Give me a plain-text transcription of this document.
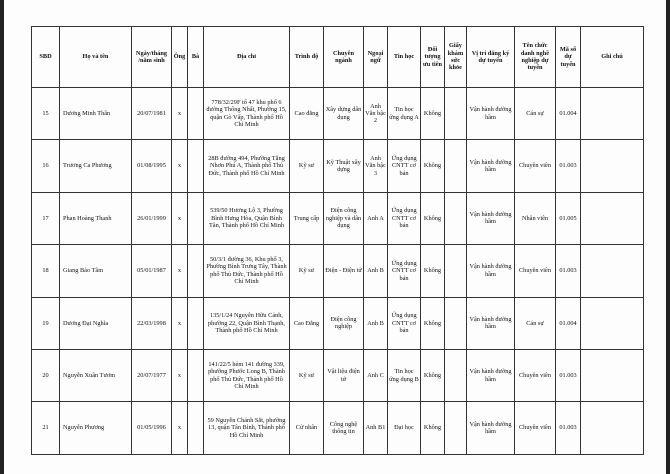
SBD	Họ và tên	Ngày/tháng /năm sinh	Ông	Bà	Địa chỉ	Trình độ	Chuyên ngành	Ngoại ngữ	Tin học	Đối tượng ưu tiên	Giấy khám sức khỏe	Vị trí đăng ký dự tuyển	Tên chức danh nghề nghiệp dự tuyển	Mã số dự tuyển	Ghi chú
15	Dương Minh Thân	20/07/1981	x		778/32/29F tổ 47 khu phố 6 đường Thống Nhất, Phường 15, quận Gò Vấp, Thành phố Hồ Chí Minh	Cao đẳng	Xây dựng dân dụng	Anh Văn bậc 2	Tin học ứng dụng A	Không		Vận hành đường hầm	Cán sự	01.004	
16	Trương Ca Phương	01/08/1995	x		28B đường 494, Phường Tăng Nhơn Phú A, Thành phố Thủ Đức, Thành phố Hồ Chí Minh	Kỹ sư	Kỹ Thuật xây dựng	Anh Văn bậc 3	Ứng dụng CNTT cơ bản	Không		Vận hành đường hầm	Chuyên viên	01.003	
17	Phan Hoàng Thanh	26/01/1999	x		539/50 Hương Lộ 3, Phường Bình Hưng Hòa, Quận Bình Tân, Thành phố Hồ Chí Minh	Trung cấp	Điện công nghiệp và dân dụng	Anh A	Ứng dụng CNTT cơ bản	Không		Vận hành đường hầm	Nhân viên	01.005	
18	Giang Bảo Tâm	05/01/1987	x		50/3/1 đường 36, Khu phố 3, Phường Bình Trưng Tây, Thành phố Thủ Đức, Thành phố Hồ Chí Minh	Kỹ sư	Điện - Điện tử	Anh B	Ứng dụng CNTT cơ bản	Không		Vận hành đường hầm	Chuyên viên	01.003	
19	Dương Đại Nghĩa	22/03/1998	x		135/1/24 Nguyễn Hữu Cảnh, phường 22, Quận Bình Thạnh, Thành phố Hồ Chí Minh	Cao Đẳng	Điện công nghiệp	Anh B	Ứng dụng CNTT cơ bản	Không		Vận hành đường hầm	Cán sự	01.004	
20	Nguyễn Xuân Tươm	20/07/1977	x		141/22/5 hẻm 141 đường 339, phường Phước Long B, Thành phố Thủ Đức, Thành phố Hồ Chí Minh	Kỹ sư	Vật liệu điện tử	Anh C	Tin học ứng dụng B	Không		Vận hành đường hầm	Chuyên viên	01.003	
21	Nguyễn Phương	01/05/1996	x		59 Nguyễn Chánh Sắt, phường 13, quận Tân Bình, Thành phố Hồ Chí Minh	Cử nhân	Công nghệ thông tin	Anh B1	Đại học	Không		Vận hành đường hầm	Chuyên viên	01.003	
